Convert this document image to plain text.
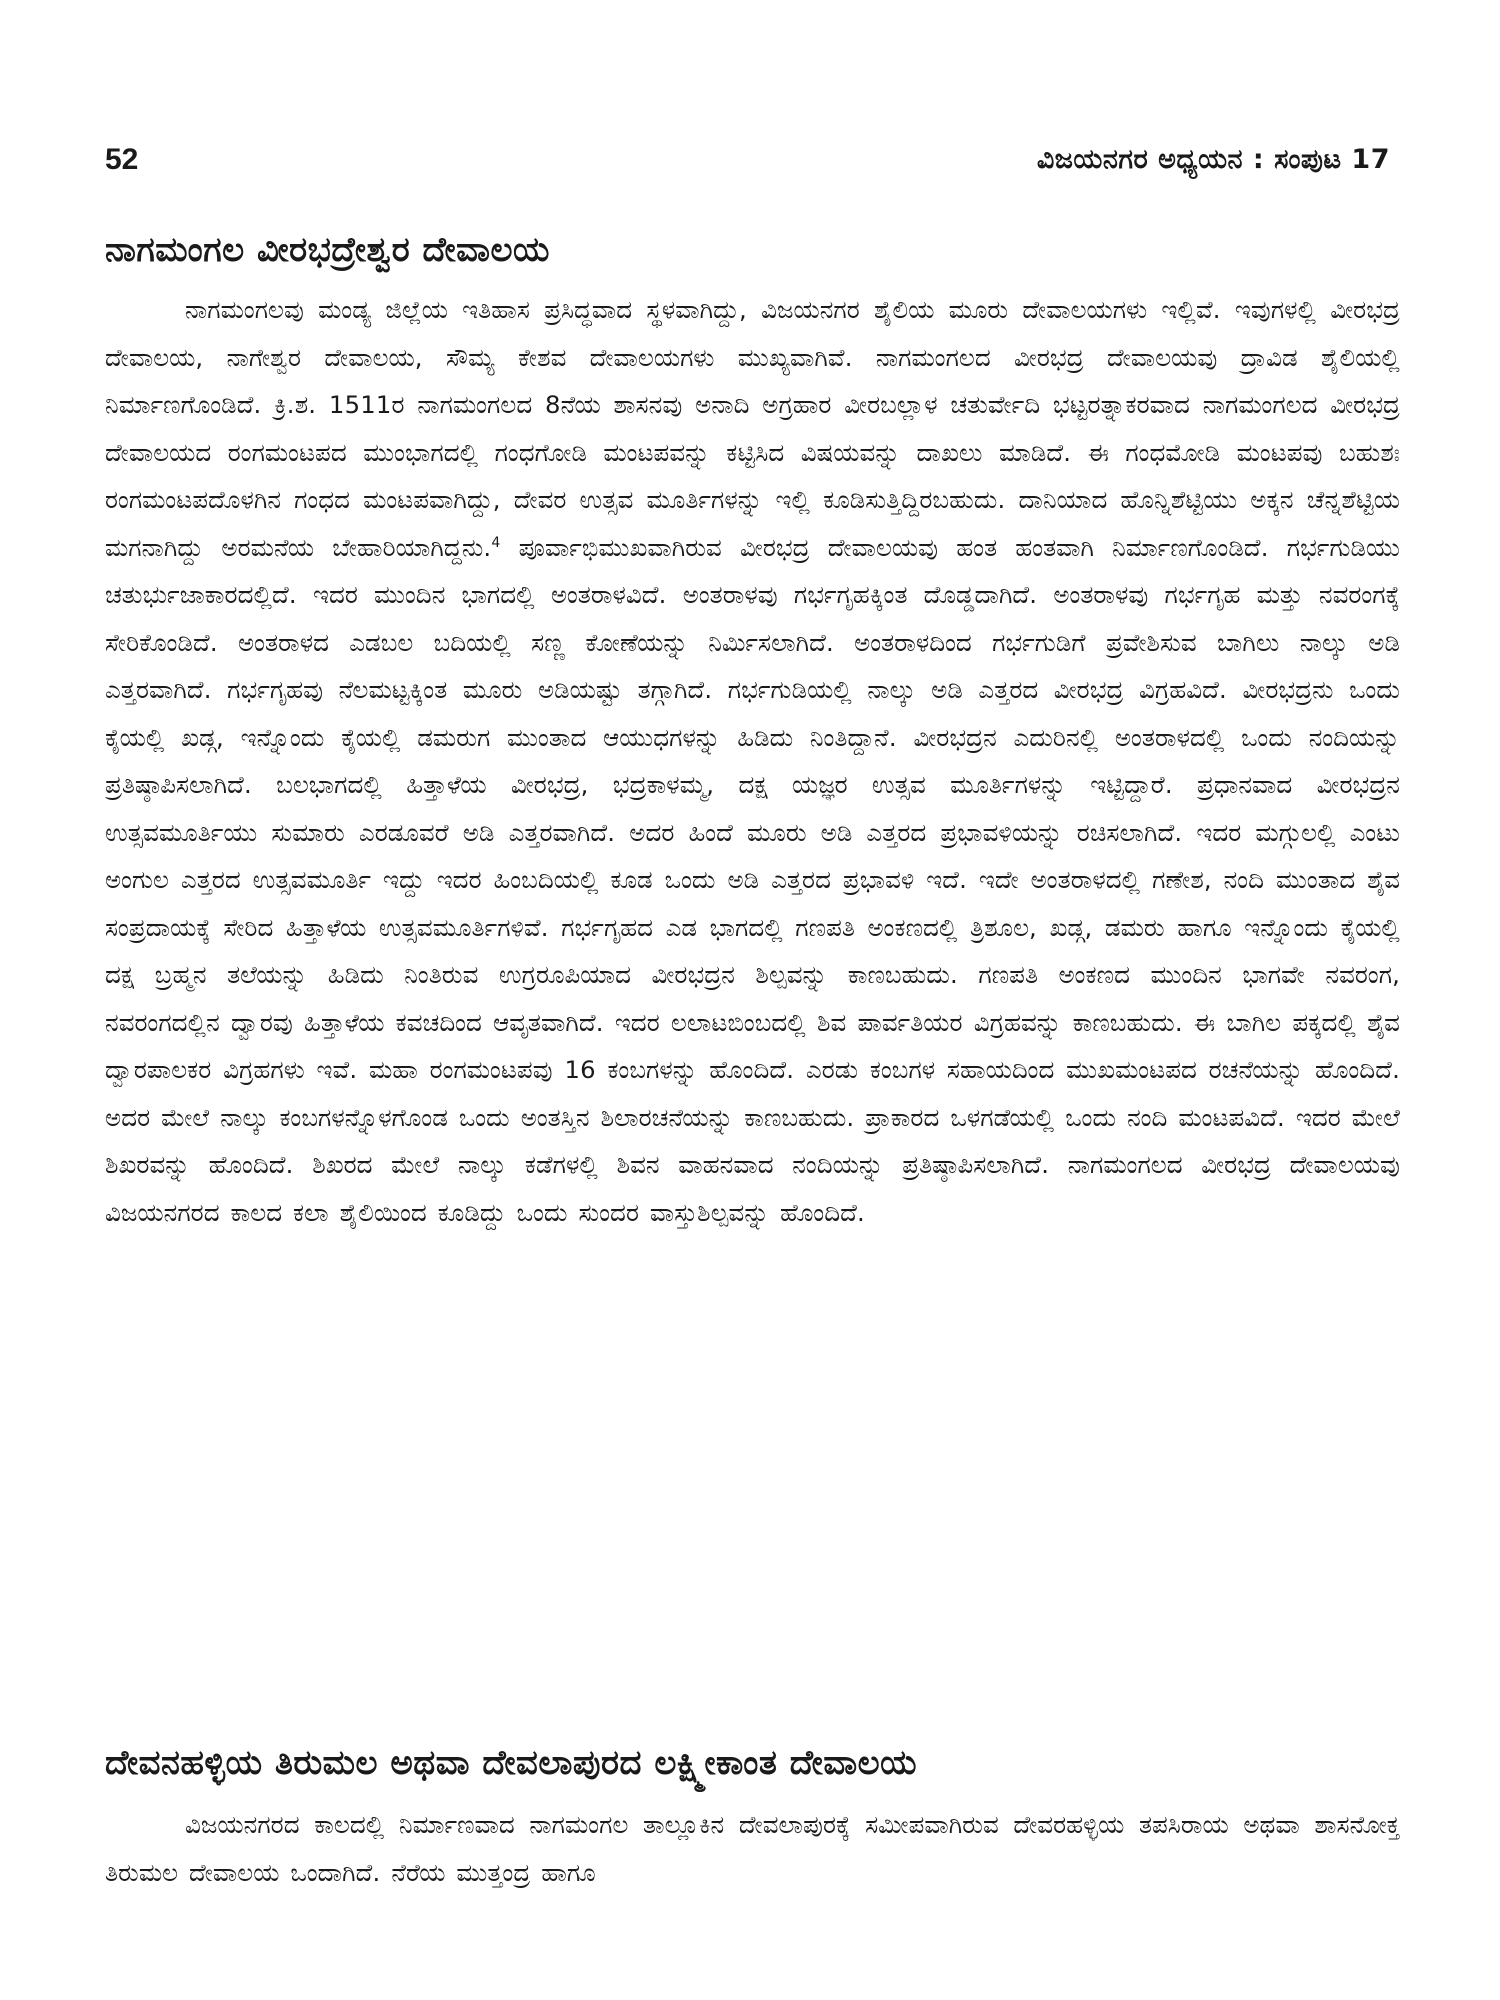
52	ವಿಜಯನಗರ ಅಧ್ಯಯನ : ಸಂಪುಟ 17
ನಾಗಮಂಗಲ ವೀರಭದ್ರೇಶ್ವರ ದೇವಾಲಯ

ನಾಗಮಂಗಲವು ಮಂಡ್ಯ ಜಿಲ್ಲೆಯ ಇತಿಹಾಸ ಪ್ರಸಿದ್ಧವಾದ ಸ್ಥಳವಾಗಿದ್ದು, ವಿಜಯನಗರ ಶೈಲಿಯ ಮೂರು ದೇವಾಲಯಗಳು ಇಲ್ಲಿವೆ. ಇವುಗಳಲ್ಲಿ ವೀರಭದ್ರ ದೇವಾಲಯ, ನಾಗೇಶ್ವರ ದೇವಾಲಯ, ಸೌಮ್ಯ ಕೇಶವ ದೇವಾಲಯಗಳು ಮುಖ್ಯವಾಗಿವೆ. ನಾಗಮಂಗಲದ ವೀರಭದ್ರ ದೇವಾಲಯವು ದ್ರಾವಿಡ ಶೈಲಿಯಲ್ಲಿ ನಿರ್ಮಾಣಗೊಂಡಿದೆ. ಕ್ರಿ.ಶ. 1511ರ ನಾಗಮಂಗಲದ 8ನೆಯ ಶಾಸನವು ಅನಾದಿ ಅಗ್ರಹಾರ ವೀರಬಲ್ಲಾಳ ಚತುರ್ವೇದಿ ಭಟ್ಟರತ್ನಾಕರವಾದ ನಾಗಮಂಗಲದ ವೀರಭದ್ರ ದೇವಾಲಯದ ರಂಗಮಂಟಪದ ಮುಂಭಾಗದಲ್ಲಿ ಗಂಧಗೋಡಿ ಮಂಟಪವನ್ನು ಕಟ್ಟಿಸಿದ ವಿಷಯವನ್ನು ದಾಖಲು ಮಾಡಿದೆ. ಈ ಗಂಧಮೋಡಿ ಮಂಟಪವು ಬಹುಶಃ ರಂಗಮಂಟಪದೊಳಗಿನ ಗಂಧದ ಮಂಟಪವಾಗಿದ್ದು, ದೇವರ ಉತ್ಸವ ಮೂರ್ತಿಗಳನ್ನು ಇಲ್ಲಿ ಕೂಡಿಸುತ್ತಿದ್ದಿರಬಹುದು. ದಾನಿಯಾದ ಹೊನ್ನಿಶೆಟ್ಟಿಯು ಅಕ್ಕನ ಚೆನ್ನಶೆಟ್ಟಿಯ ಮಗನಾಗಿದ್ದು ಅರಮನೆಯ ಬೇಹಾರಿಯಾಗಿದ್ದನು.$^4$ ಪೂರ್ವಾಭಿಮುಖವಾಗಿರುವ ವೀರಭದ್ರ ದೇವಾಲಯವು ಹಂತ ಹಂತವಾಗಿ ನಿರ್ಮಾಣಗೊಂಡಿದೆ. ಗರ್ಭಗುಡಿಯು ಚತುರ್ಭುಜಾಕಾರದಲ್ಲಿದೆ. ಇದರ ಮುಂದಿನ ಭಾಗದಲ್ಲಿ ಅಂತರಾಳವಿದೆ. ಅಂತರಾಳವು ಗರ್ಭಗೃಹಕ್ಕಿಂತ ದೊಡ್ಡದಾಗಿದೆ. ಅಂತರಾಳವು ಗರ್ಭಗೃಹ ಮತ್ತು ನವರಂಗಕ್ಕೆ ಸೇರಿಕೊಂಡಿದೆ. ಅಂತರಾಳದ ಎಡಬಲ ಬದಿಯಲ್ಲಿ ಸಣ್ಣ ಕೋಣೆಯನ್ನು ನಿರ್ಮಿಸಲಾಗಿದೆ. ಅಂತರಾಳದಿಂದ ಗರ್ಭಗುಡಿಗೆ ಪ್ರವೇಶಿಸುವ ಬಾಗಿಲು ನಾಲ್ಕು ಅಡಿ ಎತ್ತರವಾಗಿದೆ. ಗರ್ಭಗೃಹವು ನೆಲಮಟ್ಟಕ್ಕಿಂತ ಮೂರು ಅಡಿಯಷ್ಟು ತಗ್ಗಾಗಿದೆ. ಗರ್ಭಗುಡಿಯಲ್ಲಿ ನಾಲ್ಕು ಅಡಿ ಎತ್ತರದ ವೀರಭದ್ರ ವಿಗ್ರಹವಿದೆ. ವೀರಭದ್ರನು ಒಂದು ಕೈಯಲ್ಲಿ ಖಡ್ಗ, ಇನ್ನೊಂದು ಕೈಯಲ್ಲಿ ಡಮರುಗ ಮುಂತಾದ ಆಯುಧಗಳನ್ನು ಹಿಡಿದು ನಿಂತಿದ್ದಾನೆ. ವೀರಭದ್ರನ ಎದುರಿನಲ್ಲಿ ಅಂತರಾಳದಲ್ಲಿ ಒಂದು ನಂದಿಯನ್ನು ಪ್ರತಿಷ್ಠಾಪಿಸಲಾಗಿದೆ. ಬಲಭಾಗದಲ್ಲಿ ಹಿತ್ತಾಳೆಯ ವೀರಭದ್ರ, ಭದ್ರಕಾಳಮ್ಮ, ದಕ್ಷ ಯಜ್ಞರ ಉತ್ಸವ ಮೂರ್ತಿಗಳನ್ನು ಇಟ್ಟಿದ್ದಾರೆ. ಪ್ರಧಾನವಾದ ವೀರಭದ್ರನ ಉತ್ಸವಮೂರ್ತಿಯು ಸುಮಾರು ಎರಡೂವರೆ ಅಡಿ ಎತ್ತರವಾಗಿದೆ. ಅದರ ಹಿಂದೆ ಮೂರು ಅಡಿ ಎತ್ತರದ ಪ್ರಭಾವಳಿಯನ್ನು ರಚಿಸಲಾಗಿದೆ. ಇದರ ಮಗ್ಗುಲಲ್ಲಿ ಎಂಟು ಅಂಗುಲ ಎತ್ತರದ ಉತ್ಸವಮೂರ್ತಿ ಇದ್ದು ಇದರ ಹಿಂಬದಿಯಲ್ಲಿ ಕೂಡ ಒಂದು ಅಡಿ ಎತ್ತರದ ಪ್ರಭಾವಳಿ ಇದೆ. ಇದೇ ಅಂತರಾಳದಲ್ಲಿ ಗಣೇಶ, ನಂದಿ ಮುಂತಾದ ಶೈವ ಸಂಪ್ರದಾಯಕ್ಕೆ ಸೇರಿದ ಹಿತ್ತಾಳೆಯ ಉತ್ಸವಮೂರ್ತಿಗಳಿವೆ. ಗರ್ಭಗೃಹದ ಎಡ ಭಾಗದಲ್ಲಿ ಗಣಪತಿ ಅಂಕಣದಲ್ಲಿ ತ್ರಿಶೂಲ, ಖಡ್ಗ, ಡಮರು ಹಾಗೂ ಇನ್ನೊಂದು ಕೈಯಲ್ಲಿ ದಕ್ಷ ಬ್ರಹ್ಮನ ತಲೆಯನ್ನು ಹಿಡಿದು ನಿಂತಿರುವ ಉಗ್ರರೂಪಿಯಾದ ವೀರಭದ್ರನ ಶಿಲ್ಪವನ್ನು ಕಾಣಬಹುದು. ಗಣಪತಿ ಅಂಕಣದ ಮುಂದಿನ ಭಾಗವೇ ನವರಂಗ, ನವರಂಗದಲ್ಲಿನ ದ್ವಾರವು ಹಿತ್ತಾಳೆಯ ಕವಚದಿಂದ ಆವೃತವಾಗಿದೆ. ಇದರ ಲಲಾಟಬಿಂಬದಲ್ಲಿ ಶಿವ ಪಾರ್ವತಿಯರ ವಿಗ್ರಹವನ್ನು ಕಾಣಬಹುದು. ಈ ಬಾಗಿಲ ಪಕ್ಕದಲ್ಲಿ ಶೈವ ದ್ವಾರಪಾಲಕರ ವಿಗ್ರಹಗಳು ಇವೆ. ಮಹಾ ರಂಗಮಂಟಪವು 16 ಕಂಬಗಳನ್ನು ಹೊಂದಿದೆ. ಎರಡು ಕಂಬಗಳ ಸಹಾಯದಿಂದ ಮುಖಮಂಟಪದ ರಚನೆಯನ್ನು ಹೊಂದಿದೆ. ಅದರ ಮೇಲೆ ನಾಲ್ಕು ಕಂಬಗಳನ್ನೊಳಗೊಂಡ ಒಂದು ಅಂತಸ್ತಿನ ಶಿಲಾರಚನೆಯನ್ನು ಕಾಣಬಹುದು. ಪ್ರಾಕಾರದ ಒಳಗಡೆಯಲ್ಲಿ ಒಂದು ನಂದಿ ಮಂಟಪವಿದೆ. ಇದರ ಮೇಲೆ ಶಿಖರವನ್ನು ಹೊಂದಿದೆ. ಶಿಖರದ ಮೇಲೆ ನಾಲ್ಕು ಕಡೆಗಳಲ್ಲಿ ಶಿವನ ವಾಹನವಾದ ನಂದಿಯನ್ನು ಪ್ರತಿಷ್ಠಾಪಿಸಲಾಗಿದೆ. ನಾಗಮಂಗಲದ ವೀರಭದ್ರ ದೇವಾಲಯವು ವಿಜಯನಗರದ ಕಾಲದ ಕಲಾ ಶೈಲಿಯಿಂದ ಕೂಡಿದ್ದು ಒಂದು ಸುಂದರ ವಾಸ್ತುಶಿಲ್ಪವನ್ನು ಹೊಂದಿದೆ.

ದೇವನಹಳ್ಳಿಯ ತಿರುಮಲ ಅಥವಾ ದೇವಲಾಪುರದ ಲಕ್ಷ್ಮೀಕಾಂತ ದೇವಾಲಯ

ವಿಜಯನಗರದ ಕಾಲದಲ್ಲಿ ನಿರ್ಮಾಣವಾದ ನಾಗಮಂಗಲ ತಾಲ್ಲೂಕಿನ ದೇವಲಾಪುರಕ್ಕೆ ಸಮೀಪವಾಗಿರುವ ದೇವರಹಳ್ಳಿಯ ತಪಸಿರಾಯ ಅಥವಾ ಶಾಸನೋಕ್ತ ತಿರುಮಲ ದೇವಾಲಯ ಒಂದಾಗಿದೆ. ನೆರೆಯ ಮುತ್ತಂದ್ರ ಹಾಗೂ
